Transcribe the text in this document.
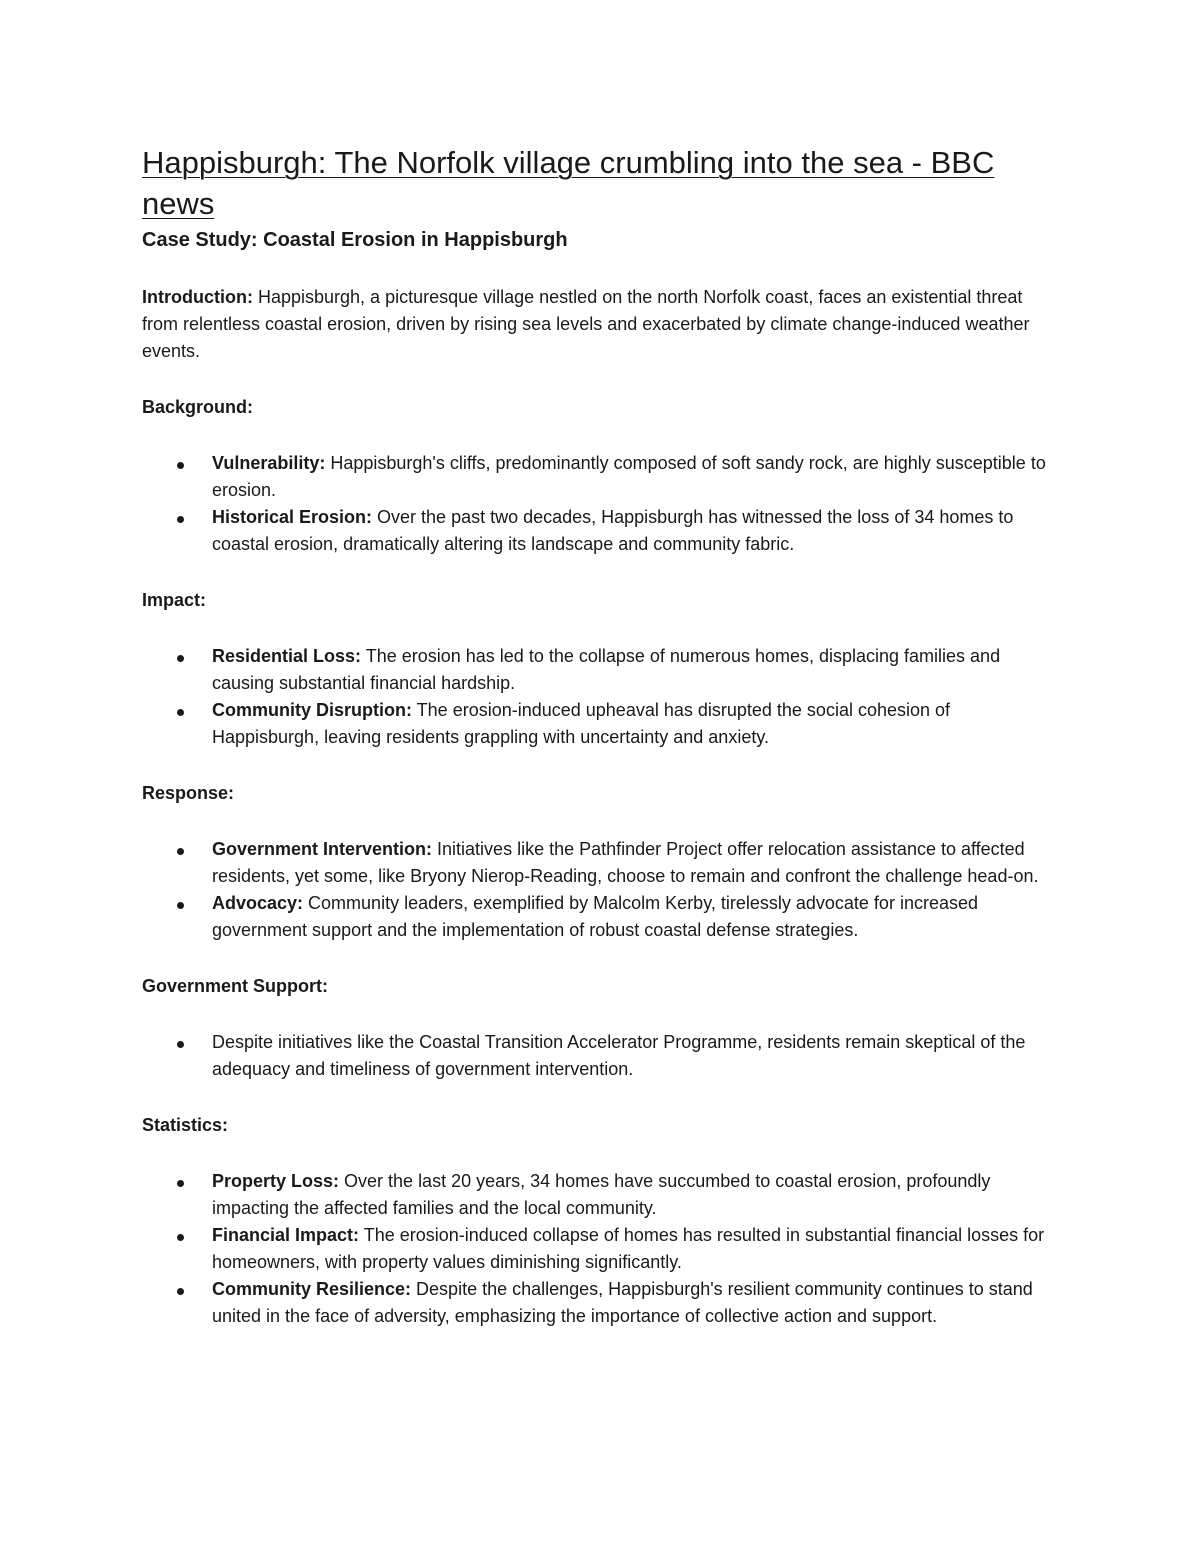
Happisburgh: The Norfolk village crumbling into the sea - BBC news
Case Study: Coastal Erosion in Happisburgh

Introduction: Happisburgh, a picturesque village nestled on the north Norfolk coast, faces an existential threat from relentless coastal erosion, driven by rising sea levels and exacerbated by climate change-induced weather events.

Background:

Vulnerability: Happisburgh's cliffs, predominantly composed of soft sandy rock, are highly susceptible to erosion.
Historical Erosion: Over the past two decades, Happisburgh has witnessed the loss of 34 homes to coastal erosion, dramatically altering its landscape and community fabric.

Impact:

Residential Loss: The erosion has led to the collapse of numerous homes, displacing families and causing substantial financial hardship.
Community Disruption: The erosion-induced upheaval has disrupted the social cohesion of Happisburgh, leaving residents grappling with uncertainty and anxiety.

Response:

Government Intervention: Initiatives like the Pathfinder Project offer relocation assistance to affected residents, yet some, like Bryony Nierop-Reading, choose to remain and confront the challenge head-on.
Advocacy: Community leaders, exemplified by Malcolm Kerby, tirelessly advocate for increased government support and the implementation of robust coastal defense strategies.

Government Support:

Despite initiatives like the Coastal Transition Accelerator Programme, residents remain skeptical of the adequacy and timeliness of government intervention.

Statistics:

Property Loss: Over the last 20 years, 34 homes have succumbed to coastal erosion, profoundly impacting the affected families and the local community.
Financial Impact: The erosion-induced collapse of homes has resulted in substantial financial losses for homeowners, with property values diminishing significantly.
Community Resilience: Despite the challenges, Happisburgh's resilient community continues to stand united in the face of adversity, emphasizing the importance of collective action and support.
